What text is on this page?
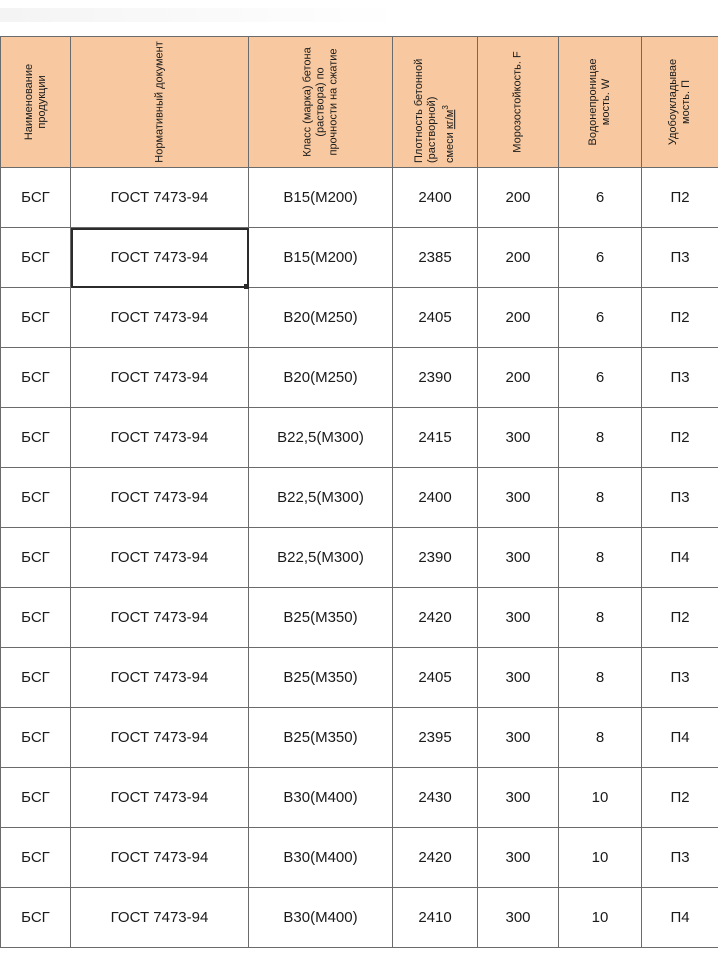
Наименование продукции	Нормативный документ	Класс (марка) бетона (раствора) по прочности на сжатие	Плотность бетонной (растворной) смеси $кг/м^3$	Морозостойкость. F	Водонепроницае мость. W	Удобоукладывае мость. П

БСГ	ГОСТ 7473-94	В15(М200)	2400	200	6	П2
БСГ	ГОСТ 7473-94	В15(М200)	2385	200	6	П3
БСГ	ГОСТ 7473-94	В20(М250)	2405	200	6	П2
БСГ	ГОСТ 7473-94	В20(М250)	2390	200	6	П3
БСГ	ГОСТ 7473-94	В22,5(М300)	2415	300	8	П2
БСГ	ГОСТ 7473-94	В22,5(М300)	2400	300	8	П3
БСГ	ГОСТ 7473-94	В22,5(М300)	2390	300	8	П4
БСГ	ГОСТ 7473-94	В25(М350)	2420	300	8	П2
БСГ	ГОСТ 7473-94	В25(М350)	2405	300	8	П3
БСГ	ГОСТ 7473-94	В25(М350)	2395	300	8	П4
БСГ	ГОСТ 7473-94	В30(М400)	2430	300	10	П2
БСГ	ГОСТ 7473-94	В30(М400)	2420	300	10	П3
БСГ	ГОСТ 7473-94	В30(М400)	2410	300	10	П4
